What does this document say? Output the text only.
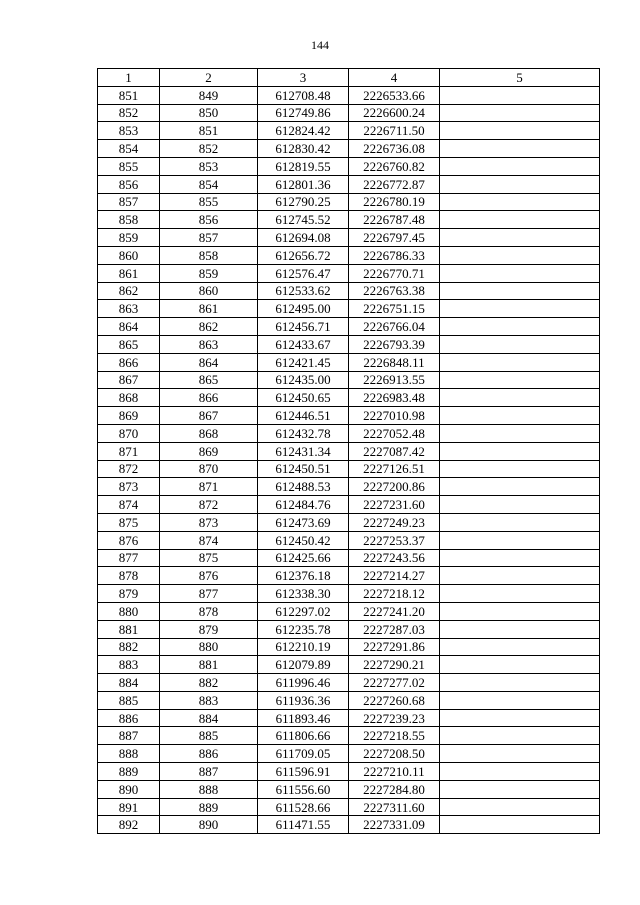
144
1	2	3	4	5
851	849	612708.48	2226533.66	
852	850	612749.86	2226600.24	
853	851	612824.42	2226711.50	
854	852	612830.42	2226736.08	
855	853	612819.55	2226760.82	
856	854	612801.36	2226772.87	
857	855	612790.25	2226780.19	
858	856	612745.52	2226787.48	
859	857	612694.08	2226797.45	
860	858	612656.72	2226786.33	
861	859	612576.47	2226770.71	
862	860	612533.62	2226763.38	
863	861	612495.00	2226751.15	
864	862	612456.71	2226766.04	
865	863	612433.67	2226793.39	
866	864	612421.45	2226848.11	
867	865	612435.00	2226913.55	
868	866	612450.65	2226983.48	
869	867	612446.51	2227010.98	
870	868	612432.78	2227052.48	
871	869	612431.34	2227087.42	
872	870	612450.51	2227126.51	
873	871	612488.53	2227200.86	
874	872	612484.76	2227231.60	
875	873	612473.69	2227249.23	
876	874	612450.42	2227253.37	
877	875	612425.66	2227243.56	
878	876	612376.18	2227214.27	
879	877	612338.30	2227218.12	
880	878	612297.02	2227241.20	
881	879	612235.78	2227287.03	
882	880	612210.19	2227291.86	
883	881	612079.89	2227290.21	
884	882	611996.46	2227277.02	
885	883	611936.36	2227260.68	
886	884	611893.46	2227239.23	
887	885	611806.66	2227218.55	
888	886	611709.05	2227208.50	
889	887	611596.91	2227210.11	
890	888	611556.60	2227284.80	
891	889	611528.66	2227311.60	
892	890	611471.55	2227331.09	
